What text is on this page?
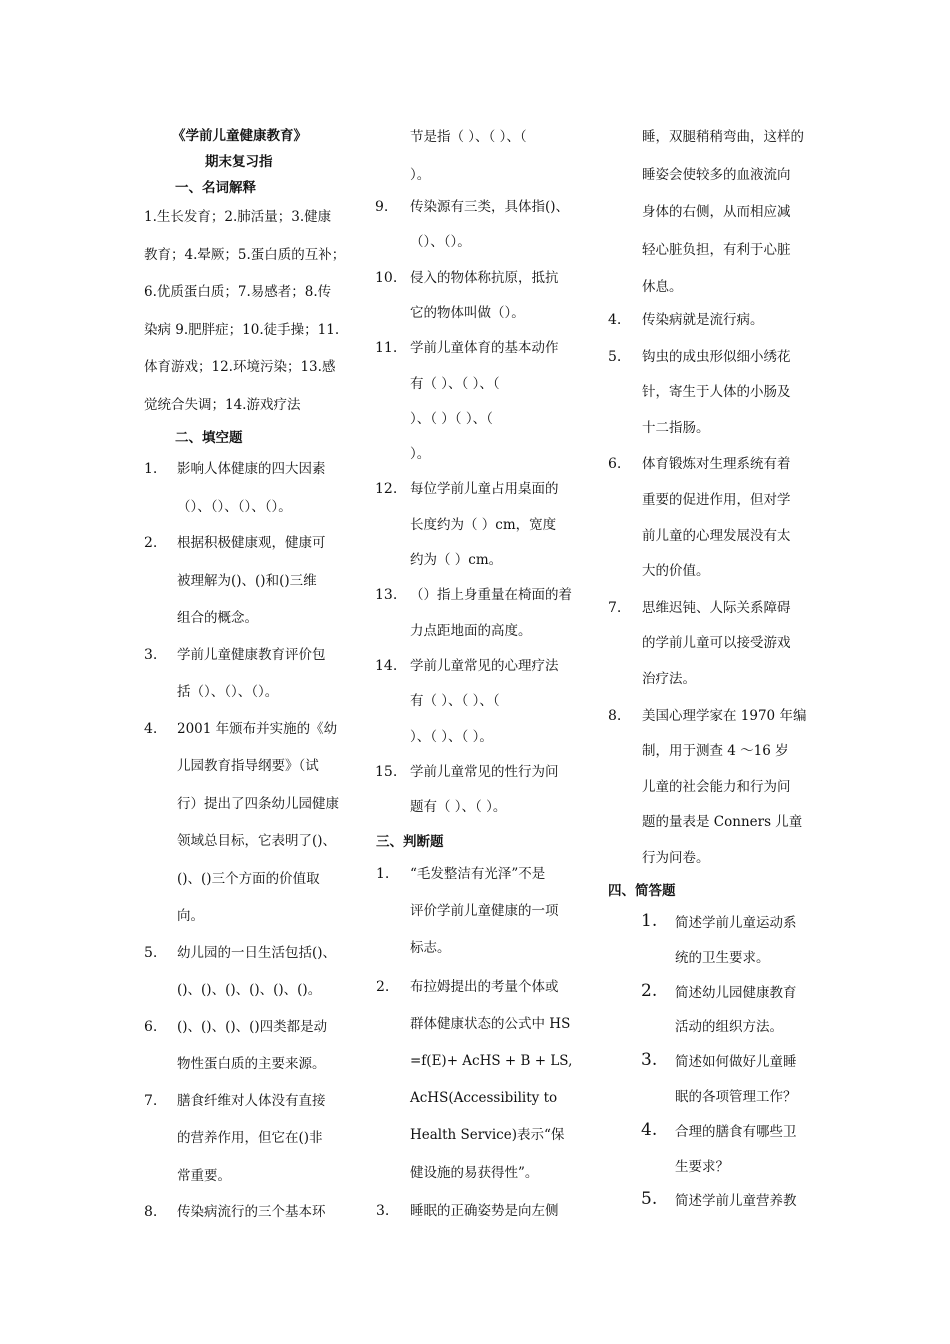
《学前儿童健康教育》
期末复习指
一、名词解释
1.生长发育；2.肺活量；3.健康
教育；4.晕厥；5.蛋白质的互补；
6.优质蛋白质；7.易感者；8.传
染病 9.肥胖症；10.徒手操；11.
体育游戏；12.环境污染；13.感
觉统合失调；14.游戏疗法
二、填空题
1. 影响人体健康的四大因素
（）、（）、（）、（）。
2. 根据积极健康观，健康可
被理解为()、()和()三维
组合的概念。
3. 学前儿童健康教育评价包
括（）、（）、（）。
4. 2001 年颁布并实施的《幼
儿园教育指导纲要》（试
行）提出了四条幼儿园健康
领域总目标，它表明了()、
()、()三个方面的价值取
向。
5. 幼儿园的一日生活包括()、
()、()、()、()、()、()。
6. ()、()、()、()四类都是动
物性蛋白质的主要来源。
7. 膳食纤维对人体没有直接
的营养作用，但它在()非
常重要。
8. 传染病流行的三个基本环
节是指（ ）、（ ）、（
）。
9. 传染源有三类，具体指()、
（）、（）。
10. 侵入的物体称抗原，抵抗
它的物体叫做（）。
11. 学前儿童体育的基本动作
有（ ）、（ ）、（
）、（ ）（ ）、（
）。
12. 每位学前儿童占用桌面的
长度约为（ ）cm，宽度
约为（ ）cm。
13. （）指上身重量在椅面的着
力点距地面的高度。
14. 学前儿童常见的心理疗法
有（ ）、（ ）、（
）、（ ）、（ ）。
15. 学前儿童常见的性行为问
题有（ ）、（ ）。
三、判断题
1. “毛发整洁有光泽”不是
评价学前儿童健康的一项
标志。
2. 布拉姆提出的考量个体或
群体健康状态的公式中 HS
=f(E)+ AcHS + B + LS,
AcHS(Accessibility to
Health Service)表示“保
健设施的易获得性”。
3. 睡眠的正确姿势是向左侧
睡，双腿稍稍弯曲，这样的
睡姿会使较多的血液流向
身体的右侧，从而相应减
轻心脏负担，有利于心脏
休息。
4. 传染病就是流行病。
5. 钩虫的成虫形似细小绣花
针，寄生于人体的小肠及
十二指肠。
6. 体育锻炼对生理系统有着
重要的促进作用，但对学
前儿童的心理发展没有太
大的价值。
7. 思维迟钝、人际关系障碍
的学前儿童可以接受游戏
治疗法。
8. 美国心理学家在 1970 年编
制，用于测查 4 ～16 岁
儿童的社会能力和行为问
题的量表是 Conners 儿童
行为问卷。
四、简答题
1. 简述学前儿童运动系
统的卫生要求。
2. 简述幼儿园健康教育
活动的组织方法。
3. 简述如何做好儿童睡
眠的各项管理工作？
4. 合理的膳食有哪些卫
生要求？
5. 简述学前儿童营养教
